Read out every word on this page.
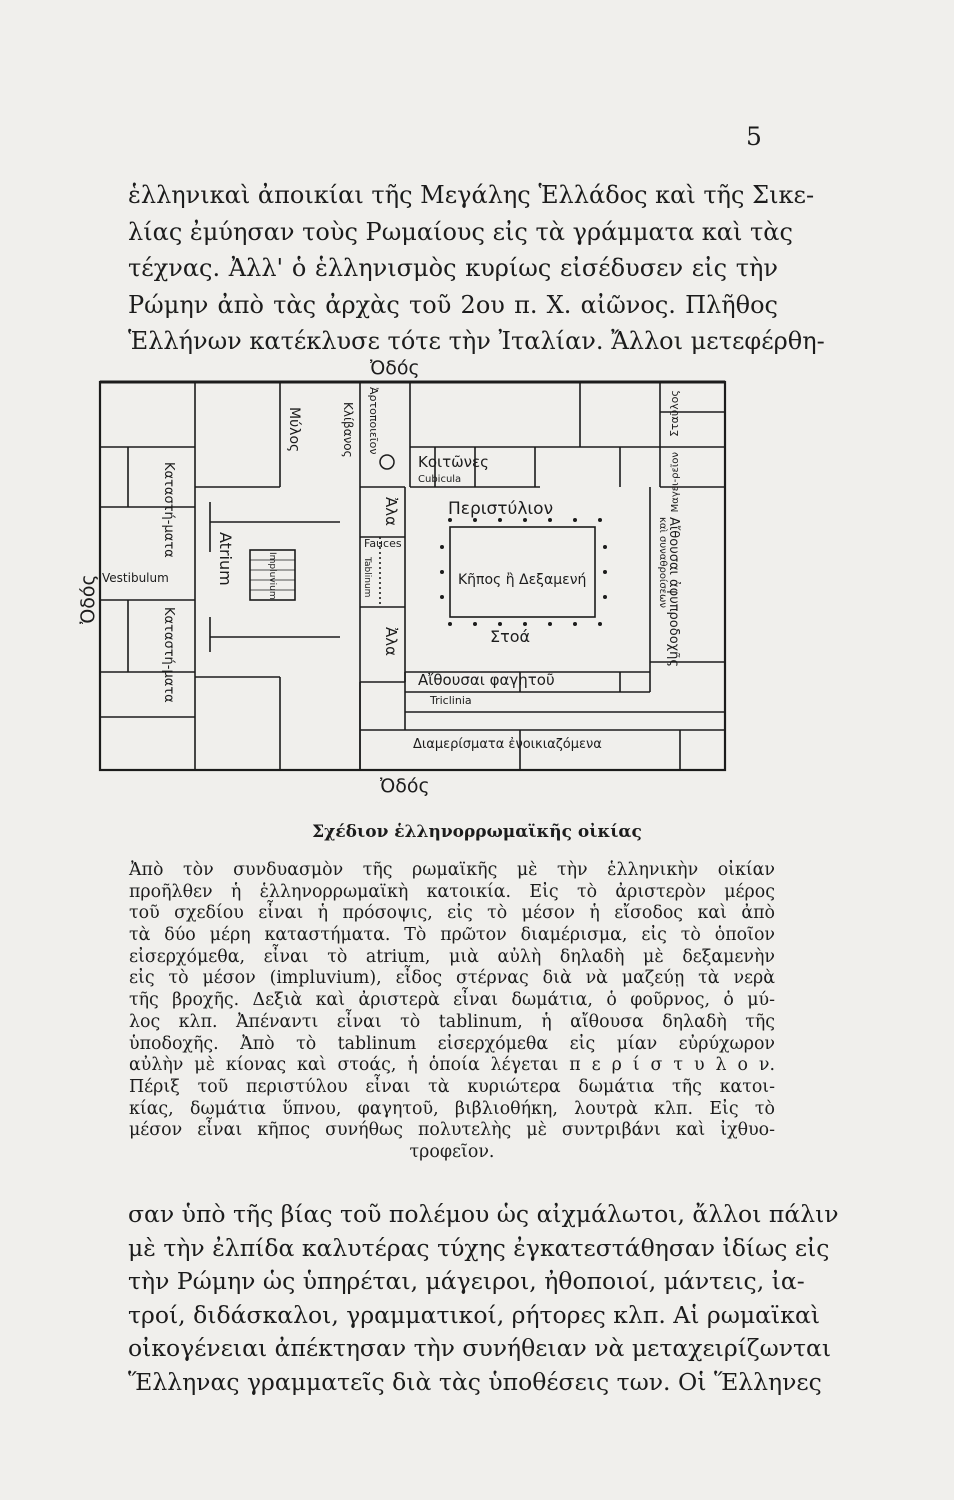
5
ἑλληνικαὶ ἀποικίαι τῆς Μεγάλης Ἑλλάδος καὶ τῆς Σικε-
λίας ἐμύησαν τοὺς Ρωμαίους εἰς τὰ γράμματα καὶ τὰς
τέχνας. Ἀλλ' ὁ ἑλληνισμὸς κυρίως εἰσέδυσεν εἰς τὴν
Ρώμην ἀπὸ τὰς ἀρχὰς τοῦ 2ου π. Χ. αἰῶνος. Πλῆθος
Ἑλλήνων κατέκλυσε τότε τὴν Ἰταλίαν. Ἄλλοι μετεφέρθη-
Ὀδός
Ὀδός
Ὀδός Vestibulum	Atrium	Impluvium
Καταστή-ματα
Καταστή-ματα
Μύλος	Κλίβανος Ἀρτοποιεῖον
Ἀλα
Ἀλα
Fauces
Tablinum
Κοιτῶνες
Cubicula
Περιστύλιον
Κῆπος ἢ Δεξαμενή
Στοά
Αἴθουσαι φαγητοῦ
Triclinia
Διαμερίσματα ἐνοικιαζόμενα
Σταῦλος
Μαγει-ρεῖον
Αἴθουσαι ἀφυπροδοχῆς
καὶ συναθροίσεων
Σχέδιον ἑλληνορρωμαϊκῆς οἰκίας
Ἀπὸ τὸν συνδυασμὸν τῆς ρωμαϊκῆς μὲ τὴν ἑλληνικὴν οἰκίαν
προῆλθεν ἡ ἑλληνορρωμαϊκὴ κατοικία. Εἰς τὸ ἀριστερὸν μέρος
τοῦ σχεδίου εἶναι ἡ πρόσοψις, εἰς τὸ μέσον ἡ εἴσοδος καὶ ἀπὸ
τὰ δύο μέρη καταστήματα. Τὸ πρῶτον διαμέρισμα, εἰς τὸ ὁποῖον
εἰσερχόμεθα, εἶναι τὸ atrium, μιὰ αὐλὴ δηλαδὴ μὲ δεξαμενὴν
εἰς τὸ μέσον (impluvium), εἶδος στέρνας διὰ νὰ μαζεύῃ τὰ νερὰ
τῆς βροχῆς. Δεξιὰ καὶ ἀριστερὰ εἶναι δωμάτια, ὁ φοῦρνος, ὁ μύ-
λος κλπ. Ἀπέναντι εἶναι τὸ tablinum, ἡ αἴθουσα δηλαδὴ τῆς
ὑποδοχῆς. Ἀπὸ τὸ tablinum εἰσερχόμεθα εἰς μίαν εὐρύχωρον
αὐλὴν μὲ κίονας καὶ στοάς, ἡ ὁποία λέγεται π ε ρ ί σ τ υ λ ο ν.
Πέριξ τοῦ περιστύλου εἶναι τὰ κυριώτερα δωμάτια τῆς κατοι-
κίας, δωμάτια ὕπνου, φαγητοῦ, βιβλιοθήκη, λουτρὰ κλπ. Εἰς τὸ
μέσον εἶναι κῆπος συνήθως πολυτελὴς μὲ συντριβάνι καὶ ἰχθυο-
τροφεῖον.
σαν ὑπὸ τῆς βίας τοῦ πολέμου ὡς αἰχμάλωτοι, ἄλλοι πάλιν
μὲ τὴν ἐλπίδα καλυτέρας τύχης ἐγκατεστάθησαν ἰδίως εἰς
τὴν Ρώμην ὡς ὑπηρέται, μάγειροι, ἠθοποιοί, μάντεις, ἰα-
τροί, διδάσκαλοι, γραμματικοί, ρήτορες κλπ. Αἱ ρωμαϊκαὶ
οἰκογένειαι ἀπέκτησαν τὴν συνήθειαν νὰ μεταχειρίζωνται
Ἕλληνας γραμματεῖς διὰ τὰς ὑποθέσεις των. Οἱ Ἕλληνες
